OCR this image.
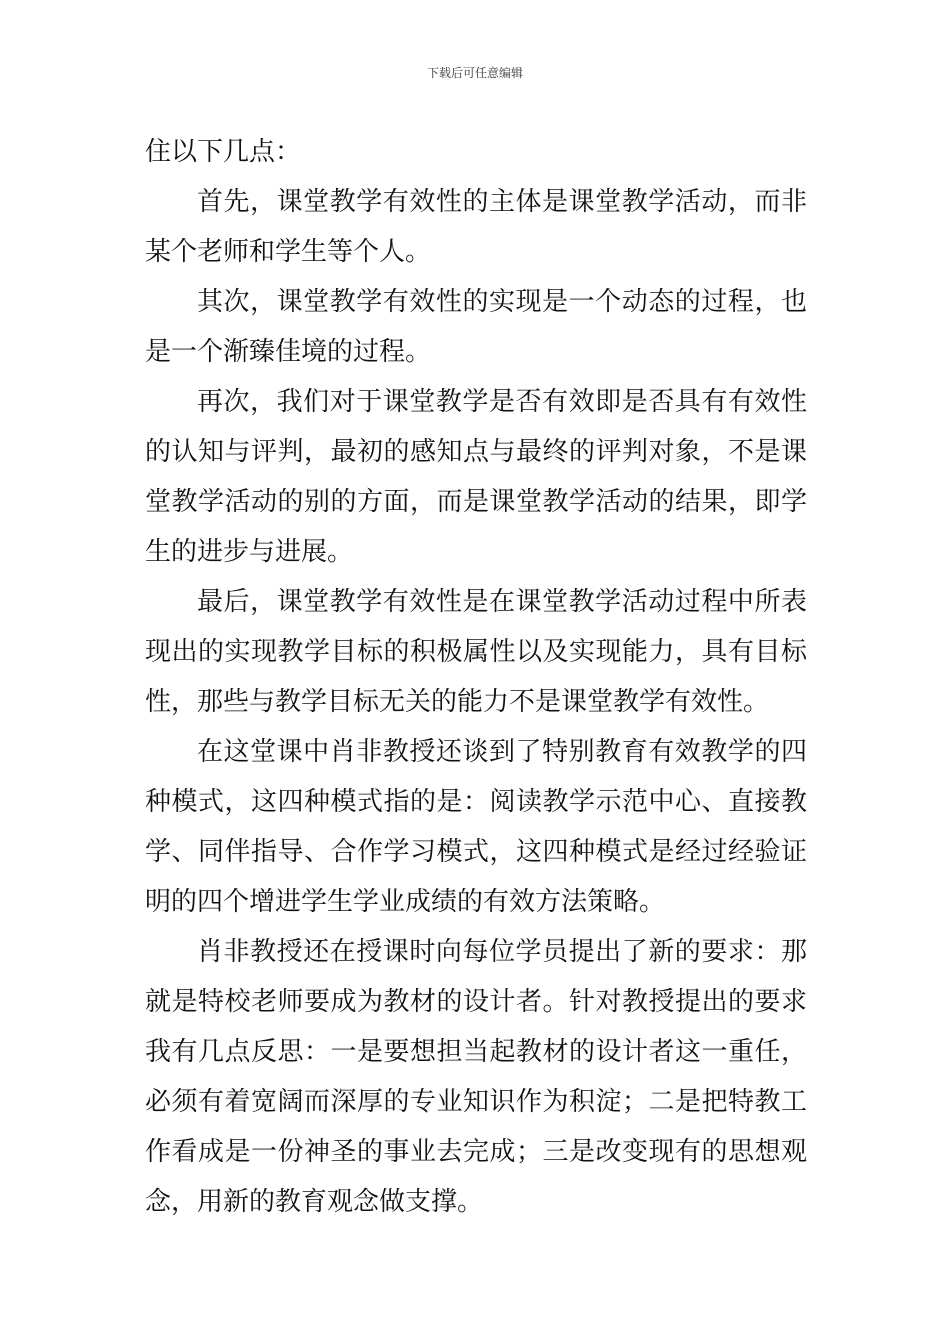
下载后可任意编辑

住以下几点：

首先，课堂教学有效性的主体是课堂教学活动，而非某个老师和学生等个人。

其次，课堂教学有效性的实现是一个动态的过程，也是一个渐臻佳境的过程。

再次，我们对于课堂教学是否有效即是否具有有效性的认知与评判，最初的感知点与最终的评判对象，不是课堂教学活动的别的方面，而是课堂教学活动的结果，即学生的进步与进展。

最后，课堂教学有效性是在课堂教学活动过程中所表现出的实现教学目标的积极属性以及实现能力，具有目标性，那些与教学目标无关的能力不是课堂教学有效性。

在这堂课中肖非教授还谈到了特别教育有效教学的四种模式，这四种模式指的是：阅读教学示范中心、直接教学、同伴指导、合作学习模式，这四种模式是经过经验证明的四个增进学生学业成绩的有效方法策略。

肖非教授还在授课时向每位学员提出了新的要求：那就是特校老师要成为教材的设计者。针对教授提出的要求我有几点反思：一是要想担当起教材的设计者这一重任，必须有着宽阔而深厚的专业知识作为积淀；二是把特教工作看成是一份神圣的事业去完成；三是改变现有的思想观念，用新的教育观念做支撑。
